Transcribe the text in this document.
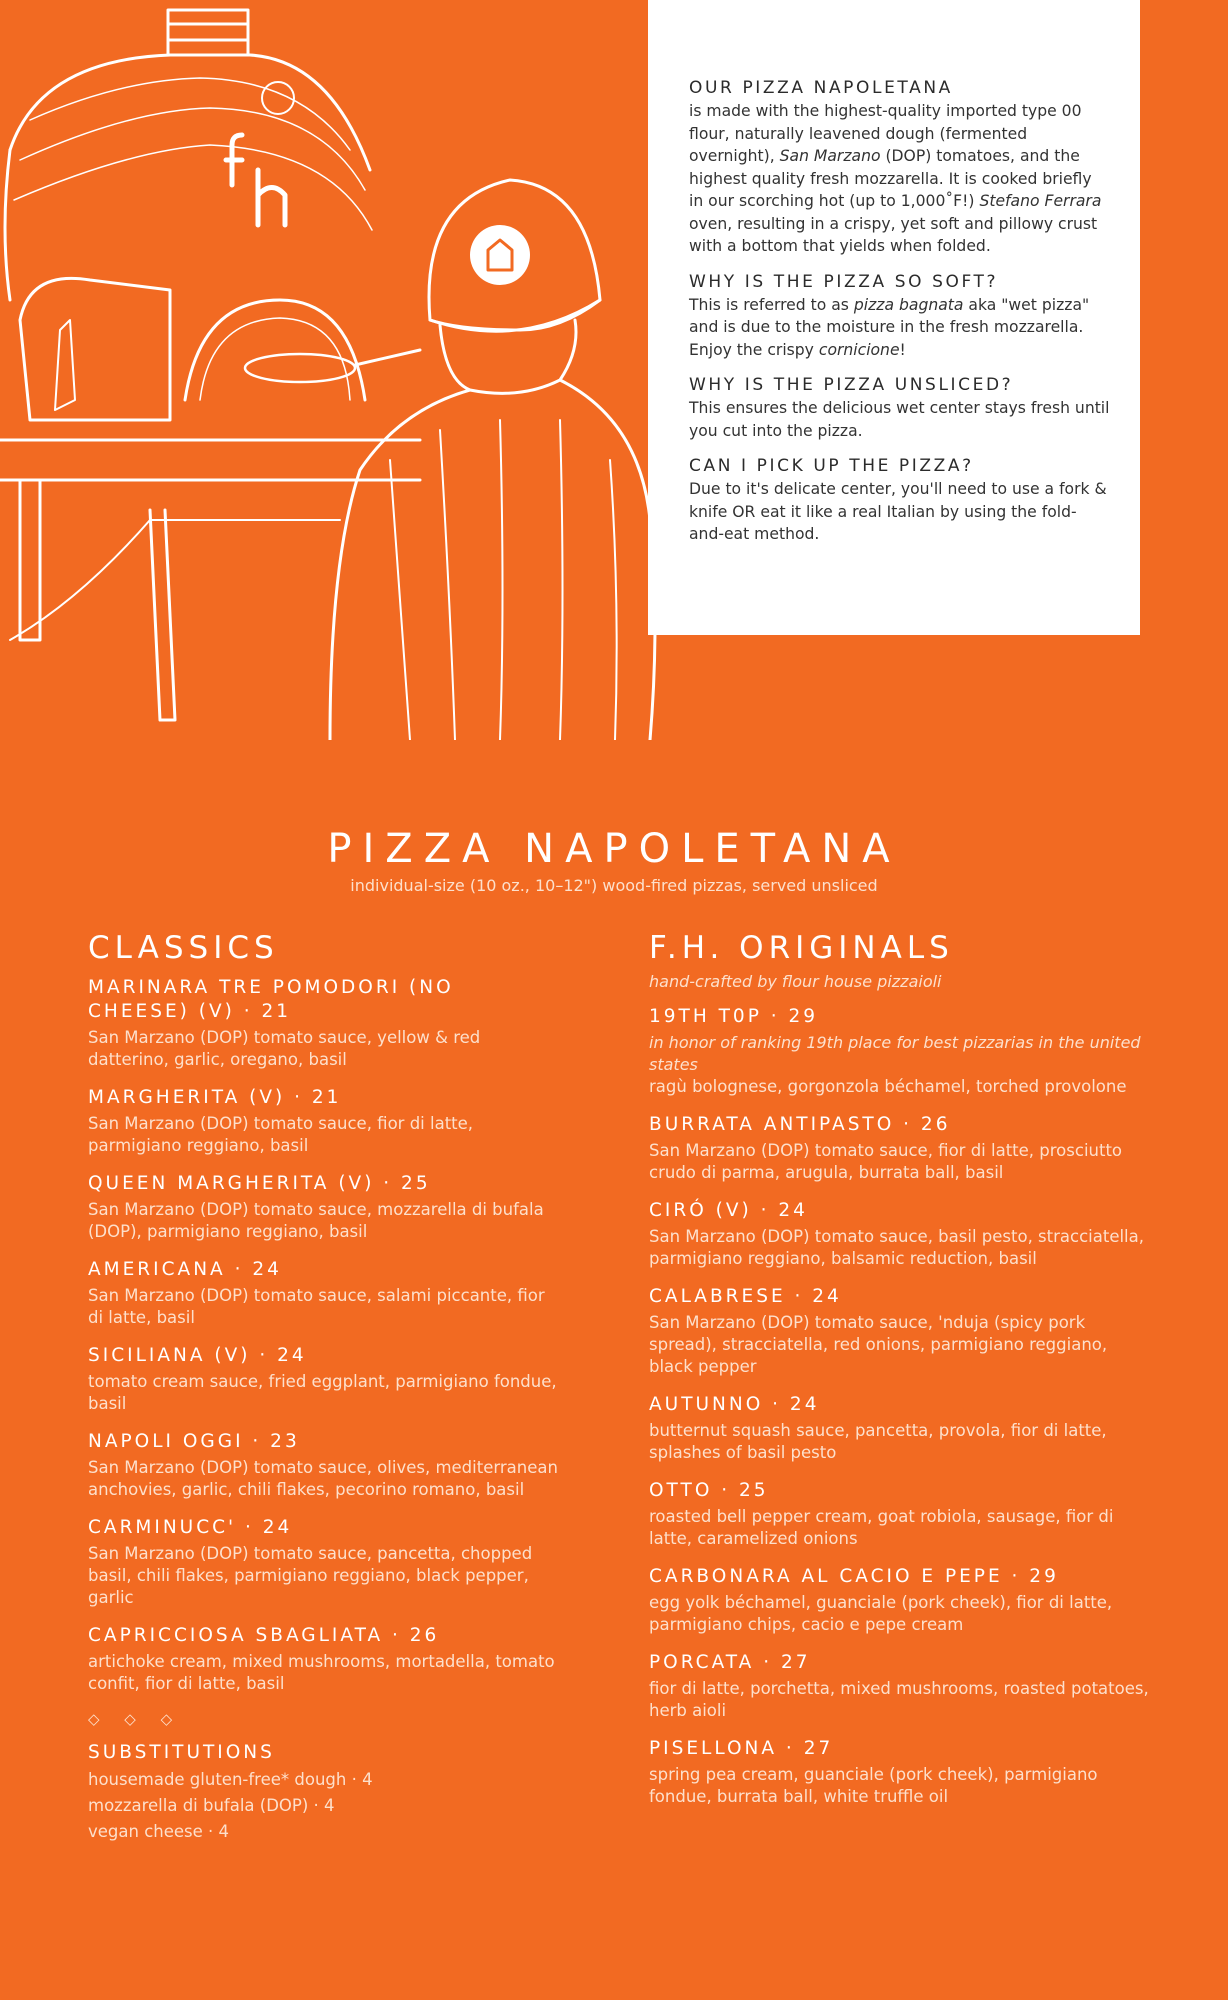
OUR PIZZA NAPOLETANA

is made with the highest-quality imported type 00 flour, naturally leavened dough (fermented overnight), San Marzano (DOP) tomatoes, and the highest quality fresh mozzarella. It is cooked briefly in our scorching hot (up to 1,000˚F!) Stefano Ferrara oven, resulting in a crispy, yet soft and pillowy crust with a bottom that yields when folded.

WHY IS THE PIZZA SO SOFT?

This is referred to as pizza bagnata aka "wet pizza" and is due to the moisture in the fresh mozzarella. Enjoy the crispy cornicione!

WHY IS THE PIZZA UNSLICED?

This ensures the delicious wet center stays fresh until you cut into the pizza.

CAN I PICK UP THE PIZZA?

Due to it's delicate center, you'll need to use a fork & knife OR eat it like a real Italian by using the fold-and-eat method.

PIZZA NAPOLETANA
individual-size (10 oz., 10–12") wood-fired pizzas, served unsliced
CLASSICS
MARINARA TRE POMODORI (NO CHEESE) (V) · 21
San Marzano (DOP) tomato sauce, yellow & red datterino, garlic, oregano, basil
MARGHERITA (V) · 21
San Marzano (DOP) tomato sauce, fior di latte, parmigiano reggiano, basil
QUEEN MARGHERITA (V) · 25
San Marzano (DOP) tomato sauce, mozzarella di bufala (DOP), parmigiano reggiano, basil
AMERICANA · 24
San Marzano (DOP) tomato sauce, salami piccante, fior di latte, basil
SICILIANA (V) · 24
tomato cream sauce, fried eggplant, parmigiano fondue, basil
NAPOLI OGGI · 23
San Marzano (DOP) tomato sauce, olives, mediterranean anchovies, garlic, chili flakes, pecorino romano, basil
CARMINUCC' · 24
San Marzano (DOP) tomato sauce, pancetta, chopped basil, chili flakes, parmigiano reggiano, black pepper, garlic
CAPRICCIOSA SBAGLIATA · 26
artichoke cream, mixed mushrooms, mortadella, tomato confit, fior di latte, basil
◇ ◇ ◇
SUBSTITUTIONS
housemade gluten-free* dough · 4
mozzarella di bufala (DOP) · 4
vegan cheese · 4
F.H. ORIGINALS
hand-crafted by flour house pizzaioli
19TH T0P · 29
in honor of ranking 19th place for best pizzarias in the united states
ragù bolognese, gorgonzola béchamel, torched provolone
BURRATA ANTIPASTO · 26
San Marzano (DOP) tomato sauce, fior di latte, prosciutto crudo di parma, arugula, burrata ball, basil
CIRÓ (V) · 24
San Marzano (DOP) tomato sauce, basil pesto, stracciatella, parmigiano reggiano, balsamic reduction, basil
CALABRESE · 24
San Marzano (DOP) tomato sauce, 'nduja (spicy pork spread), stracciatella, red onions, parmigiano reggiano, black pepper
AUTUNNO · 24
butternut squash sauce, pancetta, provola, fior di latte, splashes of basil pesto
OTTO · 25
roasted bell pepper cream, goat robiola, sausage, fior di latte, caramelized onions
CARBONARA AL CACIO E PEPE · 29
egg yolk béchamel, guanciale (pork cheek), fior di latte, parmigiano chips, cacio e pepe cream
PORCATA · 27
fior di latte, porchetta, mixed mushrooms, roasted potatoes, herb aioli
PISELLONA · 27
spring pea cream, guanciale (pork cheek), parmigiano fondue, burrata ball, white truffle oil
